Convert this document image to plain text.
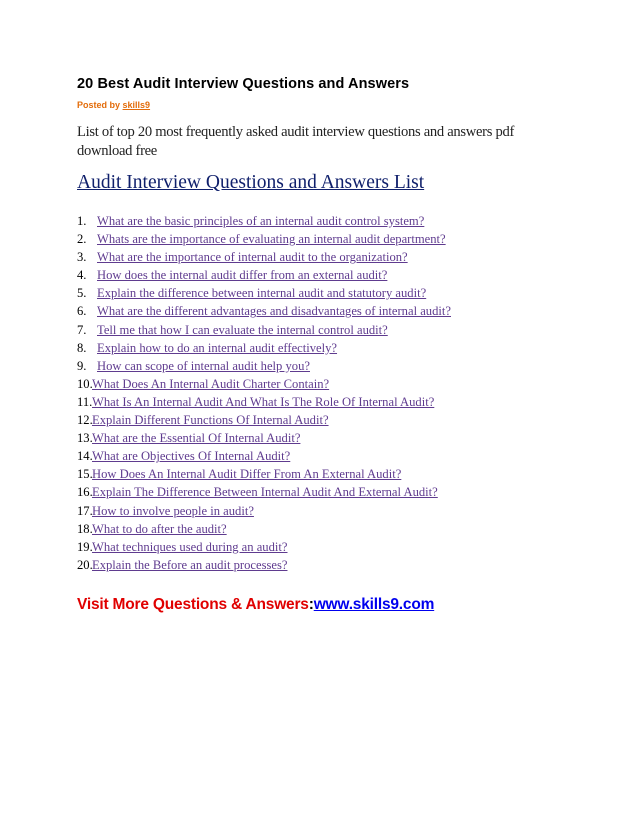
20 Best Audit Interview Questions and Answers
Posted by skills9
List of top 20 most frequently asked audit interview questions and answers pdf download free
Audit Interview Questions and Answers List
1. What are the basic principles of an internal audit control system?
2. Whats are the importance of evaluating an internal audit department?
3. What are the importance of internal audit to the organization?
4. How does the internal audit differ from an external audit?
5. Explain the difference between internal audit and statutory audit?
6. What are the different advantages and disadvantages of internal audit?
7. Tell me that how I can evaluate the internal control audit?
8. Explain how to do an internal audit effectively?
9. How can scope of internal audit help you?
10. What Does An Internal Audit Charter Contain?
11. What Is An Internal Audit And What Is The Role Of Internal Audit?
12. Explain Different Functions Of Internal Audit?
13. What are the Essential Of Internal Audit?
14. What are Objectives Of Internal Audit?
15. How Does An Internal Audit Differ From An External Audit?
16. Explain The Difference Between Internal Audit And External Audit?
17. How to involve people in audit?
18. What to do after the audit?
19. What techniques used during an audit?
20. Explain the Before an audit processes?
Visit More Questions & Answers:www.skills9.com
